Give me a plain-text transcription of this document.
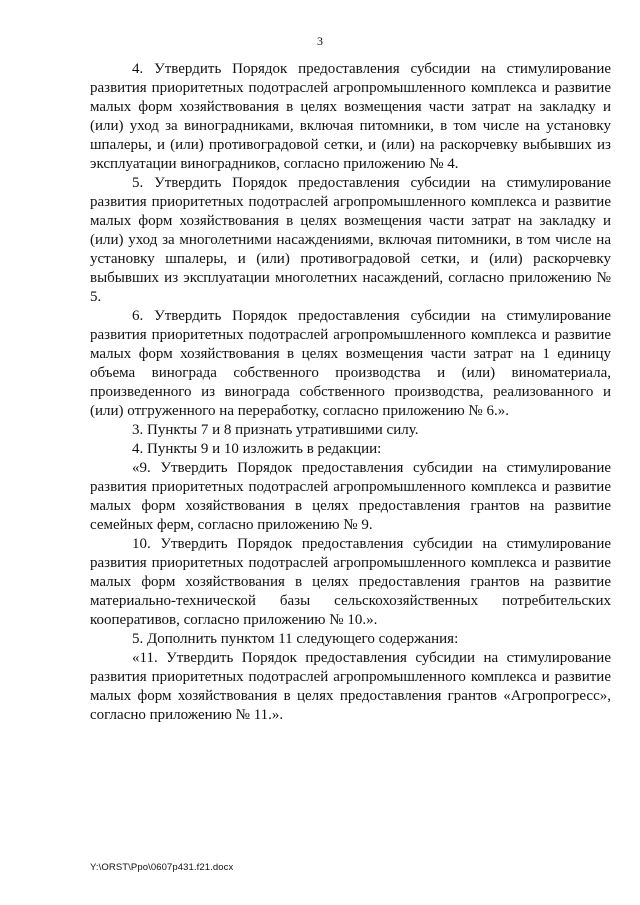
3

4. Утвердить Порядок предоставления субсидии на стимулирование развития приоритетных подотраслей агропромышленного комплекса и развитие малых форм хозяйствования в целях возмещения части затрат на закладку и (или) уход за виноградниками, включая питомники, в том числе на установку шпалеры, и (или) противоградовой сетки, и (или) на раскорчевку выбывших из эксплуатации виноградников, согласно приложению № 4.

5. Утвердить Порядок предоставления субсидии на стимулирование развития приоритетных подотраслей агропромышленного комплекса и развитие малых форм хозяйствования в целях возмещения части затрат на закладку и (или) уход за многолетними насаждениями, включая питомники, в том числе на установку шпалеры, и (или) противоградовой сетки, и (или) раскорчевку выбывших из эксплуатации многолетних насаждений, согласно приложению № 5.

6. Утвердить Порядок предоставления субсидии на стимулирование развития приоритетных подотраслей агропромышленного комплекса и развитие малых форм хозяйствования в целях возмещения части затрат на 1 единицу объема винограда собственного производства и (или) виноматериала, произведенного из винограда собственного производства, реализованного и (или) отгруженного на переработку, согласно приложению № 6.».

3. Пункты 7 и 8 признать утратившими силу.

4. Пункты 9 и 10 изложить в редакции:

«9. Утвердить Порядок предоставления субсидии на стимулирование развития приоритетных подотраслей агропромышленного комплекса и развитие малых форм хозяйствования в целях предоставления грантов на развитие семейных ферм, согласно приложению № 9.

10. Утвердить Порядок предоставления субсидии на стимулирование развития приоритетных подотраслей агропромышленного комплекса и развитие малых форм хозяйствования в целях предоставления грантов на развитие материально-технической базы сельскохозяйственных потребительских кооперативов, согласно приложению № 10.».

5. Дополнить пунктом 11 следующего содержания:

«11. Утвердить Порядок предоставления субсидии на стимулирование развития приоритетных подотраслей агропромышленного комплекса и развитие малых форм хозяйствования в целях предоставления грантов «Агропрогресс», согласно приложению № 11.».

Y:\ORST\Ppo\0607p431.f21.docx
